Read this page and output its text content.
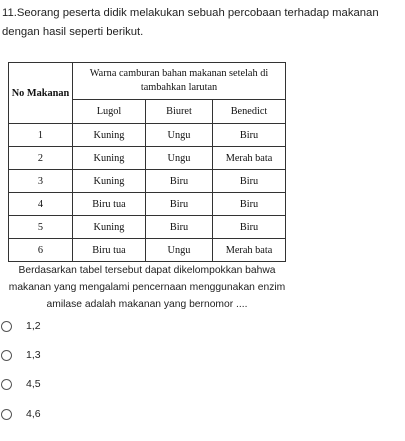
11.Seorang peserta didik melakukan sebuah percobaan terhadap makanan dengan hasil seperti berikut.
No Makanan	Warna camburan bahan makanan setelah di tambahkan larutan		
	Lugol	Biuret	Benedict
1	Kuning	Ungu	Biru
2	Kuning	Ungu	Merah bata
3	Kuning	Biru	Biru
4	Biru tua	Biru	Biru
5	Kuning	Biru	Biru
6	Biru tua	Ungu	Merah bata
Berdasarkan tabel tersebut dapat dikelompokkan bahwa makanan yang mengalami pencernaan menggunakan enzim amilase adalah makanan yang bernomor ....
1,2
1,3
4,5
4,6
